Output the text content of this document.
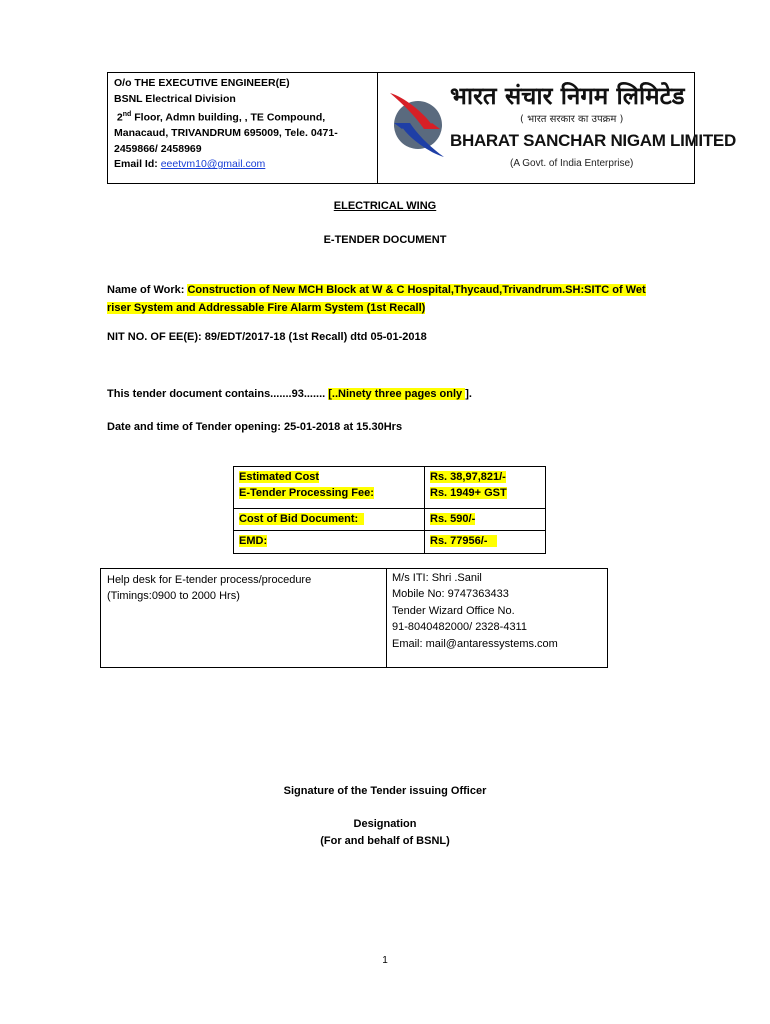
O/o THE EXECUTIVE ENGINEER(E)
BSNL Electrical Division
2nd Floor, Admn building, , TE Compound,
Manacaud, TRIVANDRUM 695009, Tele. 0471-
2459866/ 2458969
Email Id: eeetvm10@gmail.com
भारत संचार निगम लिमिटेड
( भारत सरकार का उपक्रम )
BHARAT SANCHAR NIGAM LIMITED
(A Govt. of India Enterprise)
ELECTRICAL WING
E-TENDER DOCUMENT
Name of Work: Construction of New MCH Block at W & C Hospital,Thycaud,Trivandrum.SH:SITC of Wet
riser System and Addressable Fire Alarm System (1st Recall)
NIT NO. OF EE(E): 89/EDT/2017-18 (1st Recall) dtd 05-01-2018
This tender document contains.......93....... [..Ninety three pages only ].
Date and time of Tender opening: 25-01-2018 at 15.30Hrs
Estimated Cost
E-Tender Processing Fee:
Rs. 38,97,821/-
Rs. 1949+ GST
Cost of Bid Document:	Rs. 590/-
EMD:	Rs. 77956/-
Help desk for E-tender process/procedure
(Timings:0900 to 2000 Hrs)
M/s ITI: Shri .Sanil
Mobile No: 9747363433
Tender Wizard Office No.
91-8040482000/ 2328-4311
Email: mail@antaressystems.com
Signature of the Tender issuing Officer
Designation
(For and behalf of BSNL)
1
